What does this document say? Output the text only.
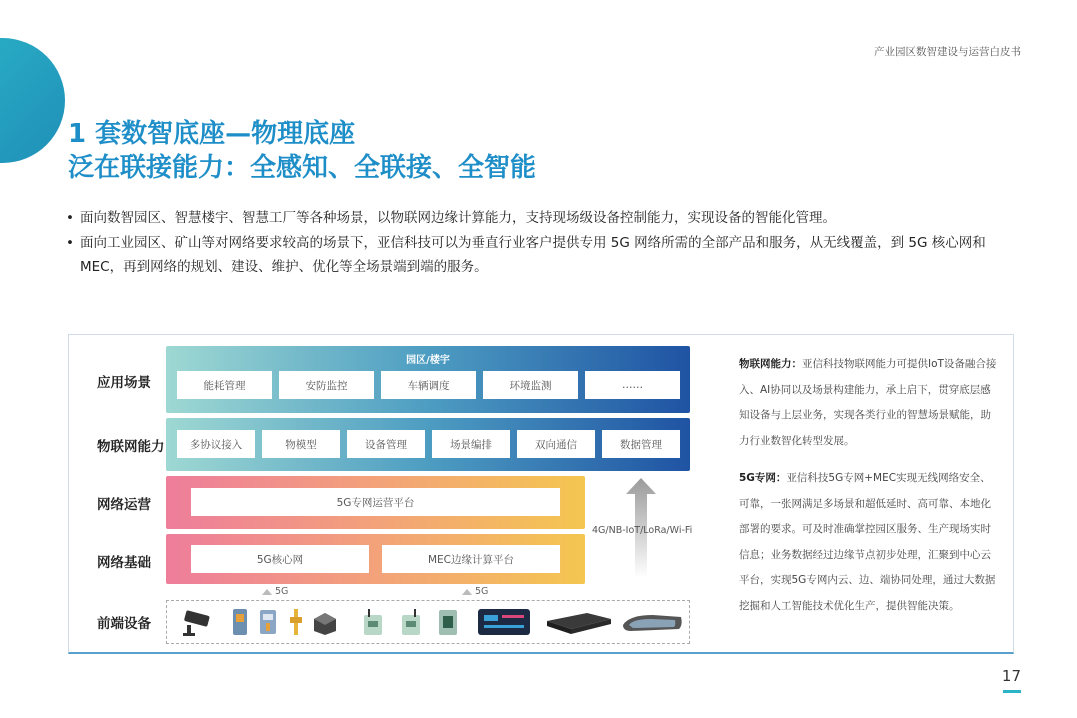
产业园区数智建设与运营白皮书
1 套数智底座—物理底座
泛在联接能力：全感知、全联接、全智能
• 面向数智园区、智慧楼宇、智慧工厂等各种场景，以物联网边缘计算能力，支持现场级设备控制能力，实现设备的智能化管理。
• 面向工业园区、矿山等对网络要求较高的场景下，亚信科技可以为垂直行业客户提供专用 5G 网络所需的全部产品和服务，从无线覆盖，到 5G 核心网和 MEC，再到网络的规划、建设、维护、优化等全场景端到端的服务。
应用场景
物联网能力
网络运营
网络基础
前端设备
园区/楼宇
能耗管理	安防监控	车辆调度	环境监测	……
多协议接入	物模型	设备管理	场景编排	双向通信	数据管理
5G专网运营平台
5G核心网	MEC边缘计算平台
4G/NB-IoT/LoRa/Wi-Fi
5G	5G

物联网能力：亚信科技物联网能力可提供IoT设备融合接入、AI协同以及场景构建能力，承上启下，贯穿底层感知设备与上层业务，实现各类行业的智慧场景赋能，助力行业数智化转型发展。

5G专网：亚信科技5G专网+MEC实现无线网络安全、可靠，一张网满足多场景和超低延时、高可靠、本地化部署的要求。可及时准确掌控园区服务、生产现场实时信息；业务数据经过边缘节点初步处理，汇聚到中心云平台，实现5G专网内云、边、端协同处理，通过大数据挖掘和人工智能技术优化生产，提供智能决策。

17
